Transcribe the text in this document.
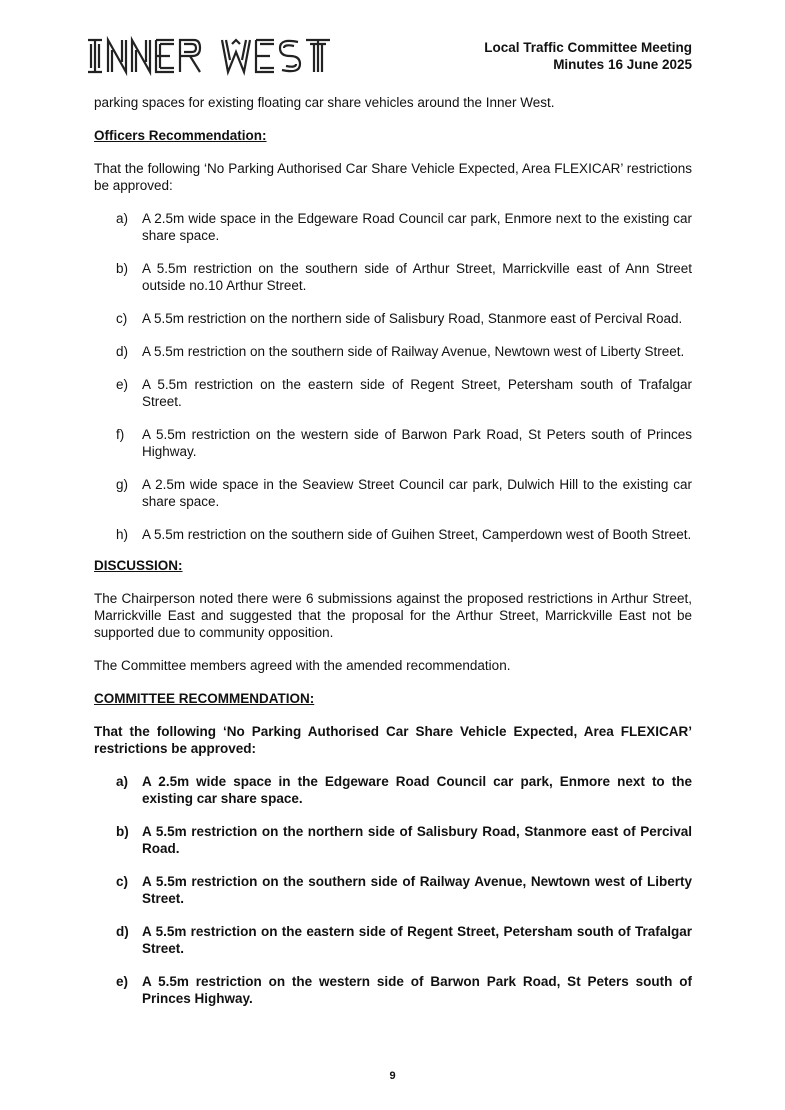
Local Traffic Committee Meeting
Minutes 16 June 2025

parking spaces for existing floating car share vehicles around the Inner West.

Officers Recommendation:

That the following ‘No Parking Authorised Car Share Vehicle Expected, Area FLEXICAR’ restrictions be approved:

a) A 2.5m wide space in the Edgeware Road Council car park, Enmore next to the existing car share space.
b) A 5.5m restriction on the southern side of Arthur Street, Marrickville east of Ann Street outside no.10 Arthur Street.
c) A 5.5m restriction on the northern side of Salisbury Road, Stanmore east of Percival Road.
d) A 5.5m restriction on the southern side of Railway Avenue, Newtown west of Liberty Street.
e) A 5.5m restriction on the eastern side of Regent Street, Petersham south of Trafalgar Street.
f) A 5.5m restriction on the western side of Barwon Park Road, St Peters south of Princes Highway.
g) A 2.5m wide space in the Seaview Street Council car park, Dulwich Hill to the existing car share space.
h) A 5.5m restriction on the southern side of Guihen Street, Camperdown west of Booth Street.

DISCUSSION:

The Chairperson noted there were 6 submissions against the proposed restrictions in Arthur Street, Marrickville East and suggested that the proposal for the Arthur Street, Marrickville East not be supported due to community opposition.

The Committee members agreed with the amended recommendation.

COMMITTEE RECOMMENDATION:

That the following ‘No Parking Authorised Car Share Vehicle Expected, Area FLEXICAR’ restrictions be approved:

a) A 2.5m wide space in the Edgeware Road Council car park, Enmore next to the existing car share space.
b) A 5.5m restriction on the northern side of Salisbury Road, Stanmore east of Percival Road.
c) A 5.5m restriction on the southern side of Railway Avenue, Newtown west of Liberty Street.
d) A 5.5m restriction on the eastern side of Regent Street, Petersham south of Trafalgar Street.
e) A 5.5m restriction on the western side of Barwon Park Road, St Peters south of Princes Highway.
9
